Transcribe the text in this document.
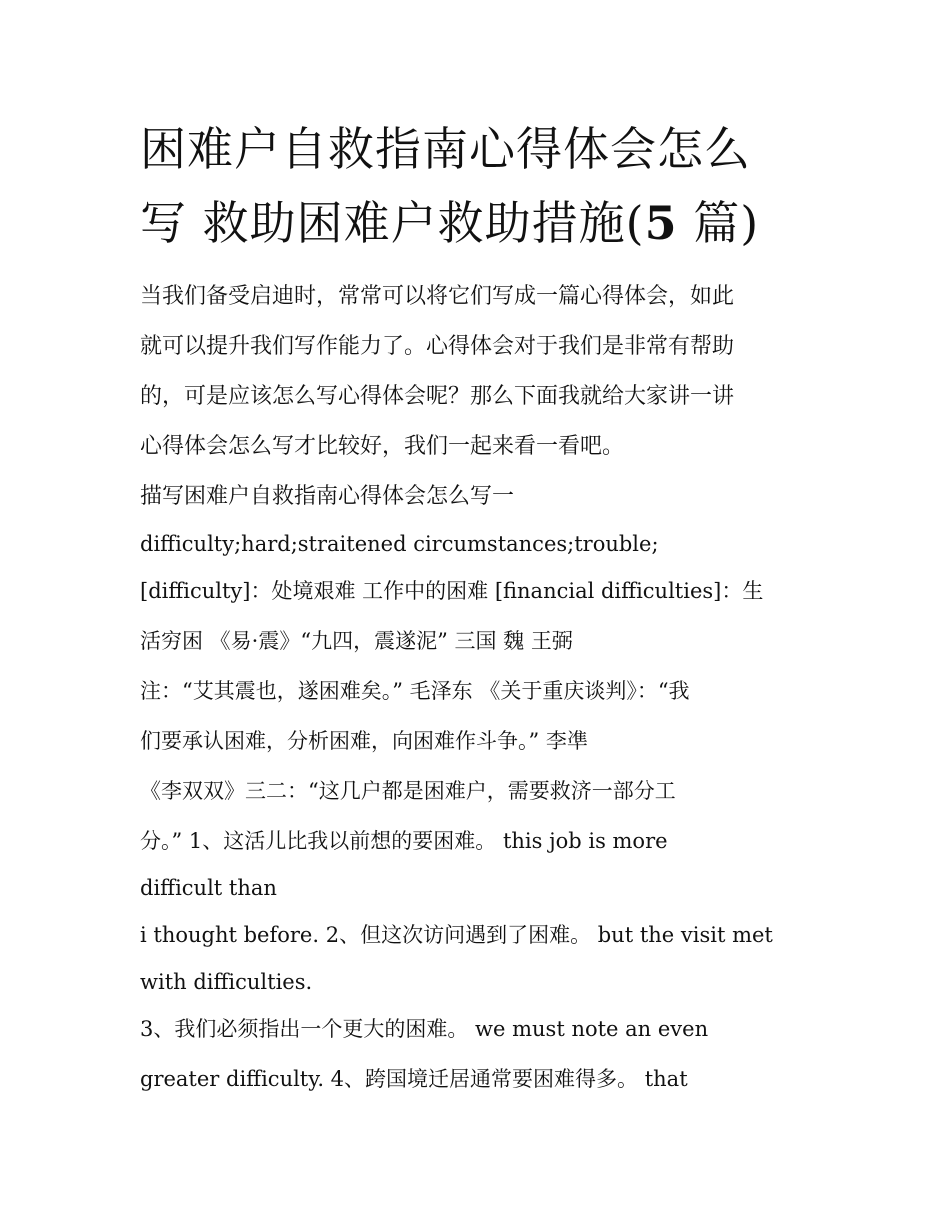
困难户自救指南心得体会怎么
写 救助困难户救助措施(5 篇)

当我们备受启迪时，常常可以将它们写成一篇心得体会，如此

就可以提升我们写作能力了。心得体会对于我们是非常有帮助

的，可是应该怎么写心得体会呢？那么下面我就给大家讲一讲

心得体会怎么写才比较好，我们一起来看一看吧。

描写困难户自救指南心得体会怎么写一

difficulty;hard;straitened circumstances;trouble;

[difficulty]：处境艰难 工作中的困难 [financial difficulties]：生

活穷困 《易·震》“九四，震遂泥” 三国 魏 王弼

注：“艾其震也，遂困难矣。” 毛泽东 《关于重庆谈判》：“我

们要承认困难，分析困难，向困难作斗争。” 李凖

《李双双》三二：“这几户都是困难户，需要救济一部分工

分。” 1、这活儿比我以前想的要困难。 this job is more

difficult than

i thought before. 2、但这次访问遇到了困难。 but the visit met

with difficulties.

3、我们必须指出一个更大的困难。 we must note an even

greater difficulty. 4、跨国境迁居通常要困难得多。 that
